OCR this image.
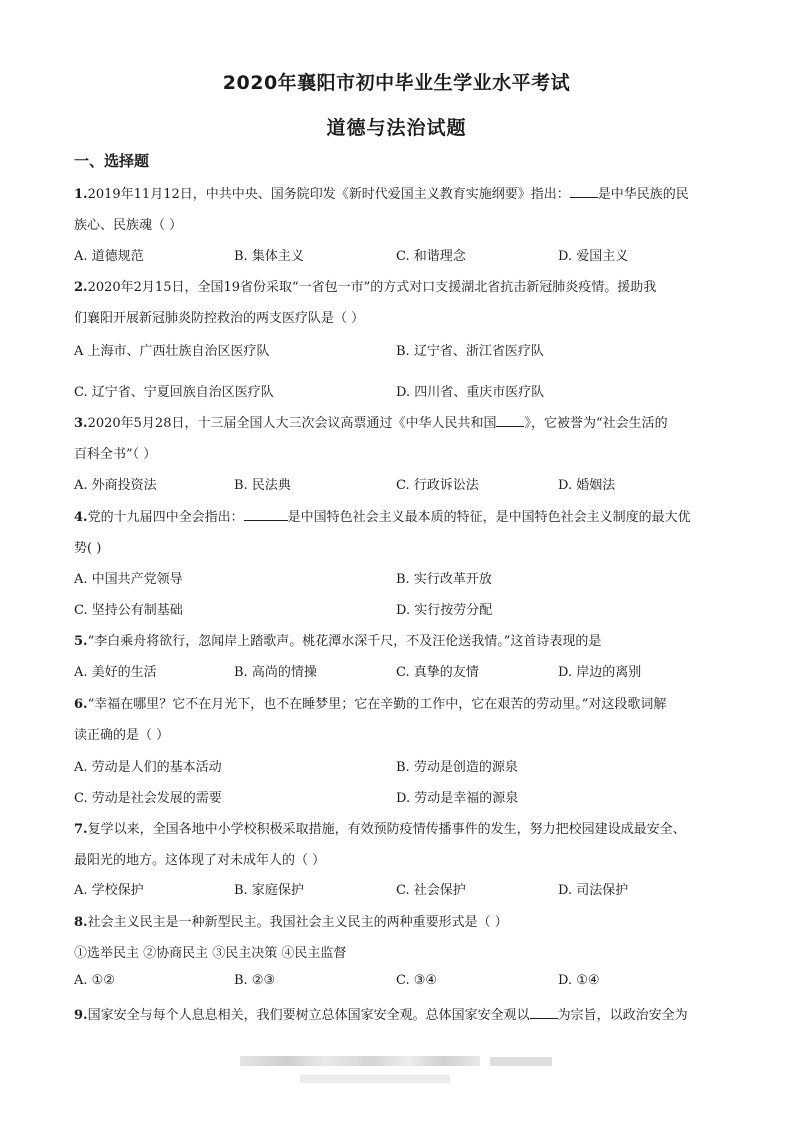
2020年襄阳市初中毕业生学业水平考试
道德与法治试题
一、选择题
1.2019年11月12日，中共中央、国务院印发《新时代爱国主义教育实施纲要》指出： 是中华民族的民
族心、民族魂（ ）
A. 道德规范	B. 集体主义	C. 和谐理念	D. 爱国主义
2.2020年2月15日，全国19省份采取“一省包一市”的方式对口支援湖北省抗击新冠肺炎疫情。援助我
们襄阳开展新冠肺炎防控救治的两支医疗队是（ ）
A 上海市、广西壮族自治区医疗队	B. 辽宁省、浙江省医疗队
C. 辽宁省、宁夏回族自治区医疗队	D. 四川省、重庆市医疗队
3.2020年5月28日，十三届全国人大三次会议高票通过《中华人民共和国 》，它被誉为“社会生活的
百科全书”（ ）
A. 外商投资法	B. 民法典	C. 行政诉讼法	D. 婚姻法
4.党的十九届四中全会指出：	是中国特色社会主义最本质的特征，是中国特色社会主义制度的最大优
势( )
A. 中国共产党领导	B. 实行改革开放
C. 坚持公有制基础	D. 实行按劳分配
5.“李白乘舟将欲行，忽闻岸上踏歌声。桃花潭水深千尺，不及汪伦送我情。”这首诗表现的是
A. 美好的生活	B. 高尚的情操	C. 真挚的友情	D. 岸边的离别
6.“幸福在哪里？它不在月光下，也不在睡梦里；它在辛勤的工作中，它在艰苦的劳动里。”对这段歌词解
读正确的是（ ）
A. 劳动是人们的基本活动	B. 劳动是创造的源泉
C. 劳动是社会发展的需要	D. 劳动是幸福的源泉
7.复学以来，全国各地中小学校积极采取措施，有效预防疫情传播事件的发生，努力把校园建设成最安全、
最阳光的地方。这体现了对未成年人的（ ）
A. 学校保护	B. 家庭保护	C. 社会保护	D. 司法保护
8.社会主义民主是一种新型民主。我国社会主义民主的两种重要形式是（ ）
①选举民主 ②协商民主 ③民主决策 ④民主监督
A. ①②	B. ②③	C. ③④	D. ①④
9.国家安全与每个人息息相关，我们要树立总体国家安全观。总体国家安全观以 为宗旨，以政治安全为
